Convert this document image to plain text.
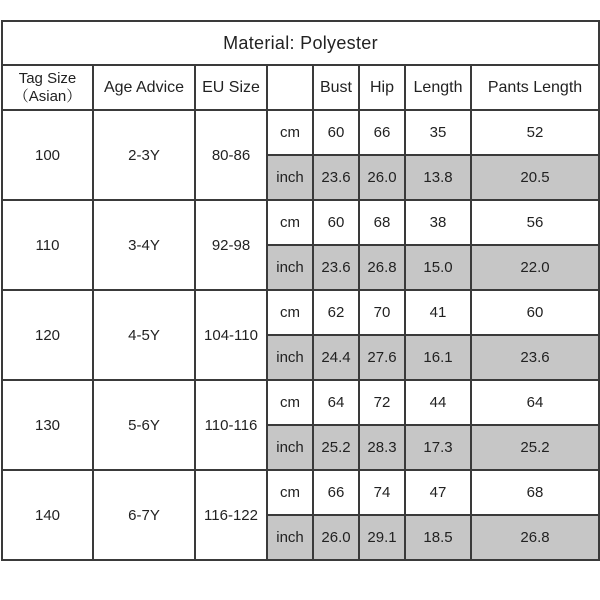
Material: Polyester							

Tag Size
（Asian）	Age Advice	EU Size		Bust	Hip	Length	Pants Length
100	2-3Y	80-86	cm	60	66	35	52
			inch	23.6	26.0	13.8	20.5
110	3-4Y	92-98	cm	60	68	38	56
			inch	23.6	26.8	15.0	22.0
120	4-5Y	104-110	cm	62	70	41	60
			inch	24.4	27.6	16.1	23.6
130	5-6Y	110-116	cm	64	72	44	64
			inch	25.2	28.3	17.3	25.2
140	6-7Y	116-122	cm	66	74	47	68
			inch	26.0	29.1	18.5	26.8
